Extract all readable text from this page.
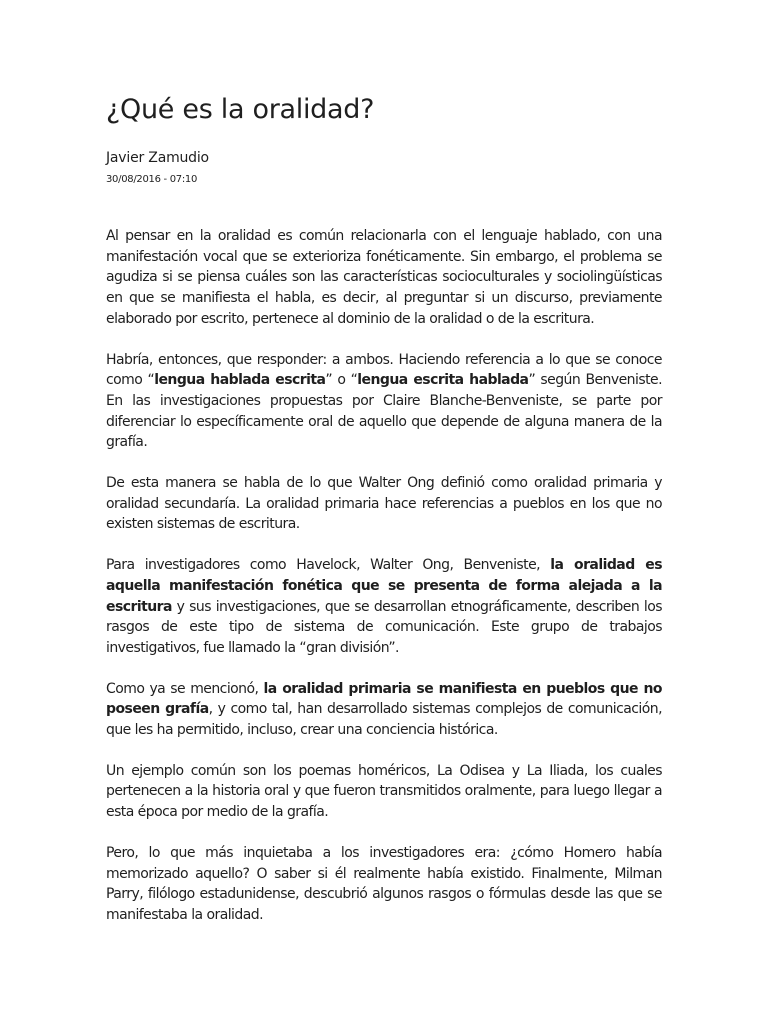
¿Qué es la oralidad?
Javier Zamudio
30/08/2016 - 07:10

Al pensar en la oralidad es común relacionarla con el lenguaje hablado, con una manifestación vocal que se exterioriza fonéticamente. Sin embargo, el problema se agudiza si se piensa cuáles son las características socioculturales y sociolingüísticas en que se manifiesta el habla, es decir, al preguntar si un discurso, previamente elaborado por escrito, pertenece al dominio de la oralidad o de la escritura.

Habría, entonces, que responder: a ambos. Haciendo referencia a lo que se conoce como “lengua hablada escrita” o “lengua escrita hablada” según Benveniste. En las investigaciones propuestas por Claire Blanche-Benveniste, se parte por diferenciar lo específicamente oral de aquello que depende de alguna manera de la grafía.

De esta manera se habla de lo que Walter Ong definió como oralidad primaria y oralidad secundaría. La oralidad primaria hace referencias a pueblos en los que no existen sistemas de escritura.

Para investigadores como Havelock, Walter Ong, Benveniste, la oralidad es aquella manifestación fonética que se presenta de forma alejada a la escritura y sus investigaciones, que se desarrollan etnográficamente, describen los rasgos de este tipo de sistema de comunicación. Este grupo de trabajos investigativos, fue llamado la “gran división”.

Como ya se mencionó, la oralidad primaria se manifiesta en pueblos que no poseen grafía, y como tal, han desarrollado sistemas complejos de comunicación, que les ha permitido, incluso, crear una conciencia histórica.

Un ejemplo común son los poemas homéricos, La Odisea y La Iliada, los cuales pertenecen a la historia oral y que fueron transmitidos oralmente, para luego llegar a esta época por medio de la grafía.

Pero, lo que más inquietaba a los investigadores era: ¿cómo Homero había memorizado aquello? O saber si él realmente había existido. Finalmente, Milman Parry, filólogo estadunidense, descubrió algunos rasgos o fórmulas desde las que se manifestaba la oralidad.
